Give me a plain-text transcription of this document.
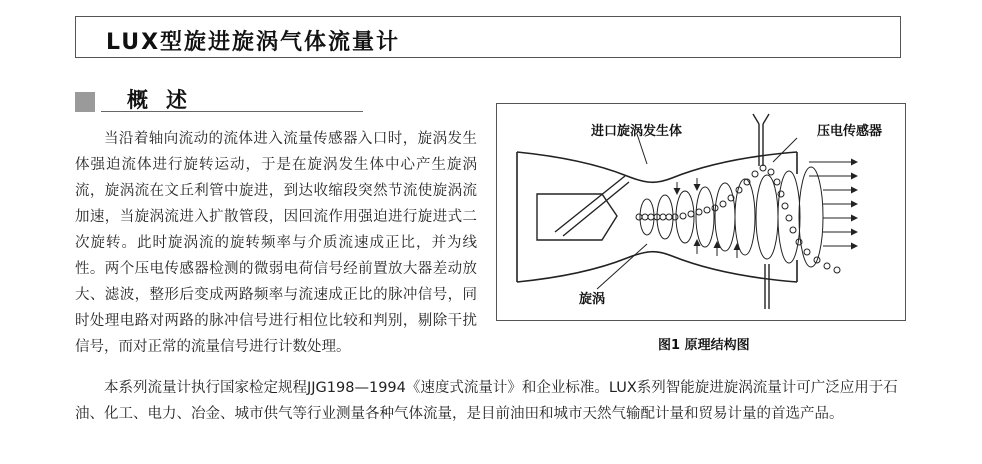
LUX型旋进旋涡气体流量计
概述

当沿着轴向流动的流体进入流量传感器入口时，旋涡发生体强迫流体进行旋转运动，于是在旋涡发生体中心产生旋涡流，旋涡流在文丘利管中旋进，到达收缩段突然节流使旋涡流加速，当旋涡流进入扩散管段，因回流作用强迫进行旋进式二次旋转。此时旋涡流的旋转频率与介质流速成正比，并为线性。两个压电传感器检测的微弱电荷信号经前置放大器差动放大、滤波，整形后变成两路频率与流速成正比的脉冲信号，同时处理电路对两路的脉冲信号进行相位比较和判别，剔除干扰信号，而对正常的流量信号进行计数处理。

本系列流量计执行国家检定规程JJG198—1994《速度式流量计》和企业标准。LUX系列智能旋进旋涡流量计可广泛应用于石油、化工、电力、冶金、城市供气等行业测量各种气体流量，是目前油田和城市天然气输配计量和贸易计量的首选产品。

进口旋涡发生体	压电传感器
旋涡
图1 原理结构图
